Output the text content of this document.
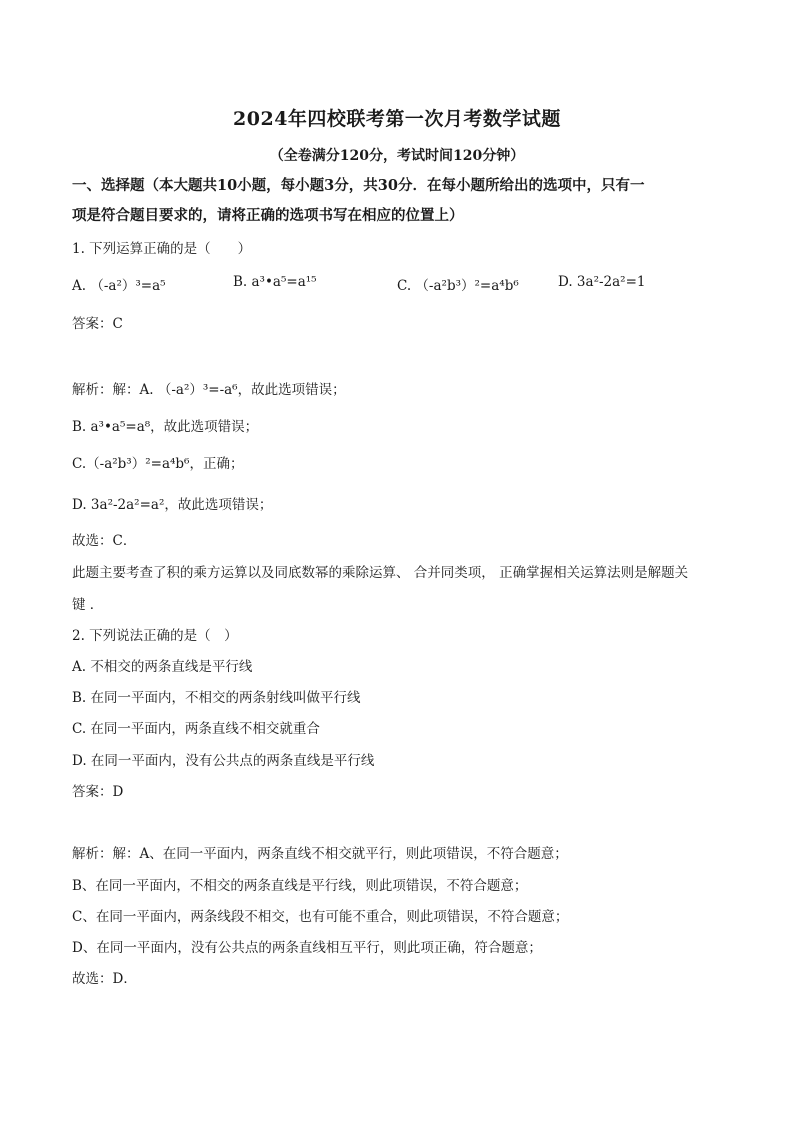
2024年四校联考第一次月考数学试题
（全卷满分120分，考试时间120分钟）
一、选择题（本大题共10小题，每小题3分，共30分．在每小题所给出的选项中，只有一
项是符合题目要求的，请将正确的选项书写在相应的位置上）
1. 下列运算正确的是（　　）
A. （-a²）³=a⁵	B. a³•a⁵=a¹⁵	C. （-a²b³）²=a⁴b⁶	D. 3a²-2a²=1
答案：C
解析：解：A. （-a²）³=-a⁶，故此选项错误；
B. a³•a⁵=a⁸，故此选项错误；
C.（-a²b³）²=a⁴b⁶，正确；
D. 3a²-2a²=a²，故此选项错误；
故选：C．
此题主要考查了积的乘方运算以及同底数幂的乘除运算、 合并同类项， 正确掌握相关运算法则是解题关
键 ．
2. 下列说法正确的是（　）
A. 不相交的两条直线是平行线
B. 在同一平面内，不相交的两条射线叫做平行线
C. 在同一平面内，两条直线不相交就重合
D. 在同一平面内，没有公共点的两条直线是平行线
答案：D
解析：解：A、在同一平面内，两条直线不相交就平行，则此项错误，不符合题意；
B、在同一平面内，不相交的两条直线是平行线，则此项错误，不符合题意；
C、在同一平面内，两条线段不相交，也有可能不重合，则此项错误，不符合题意；
D、在同一平面内，没有公共点的两条直线相互平行，则此项正确，符合题意；
故选：D．
